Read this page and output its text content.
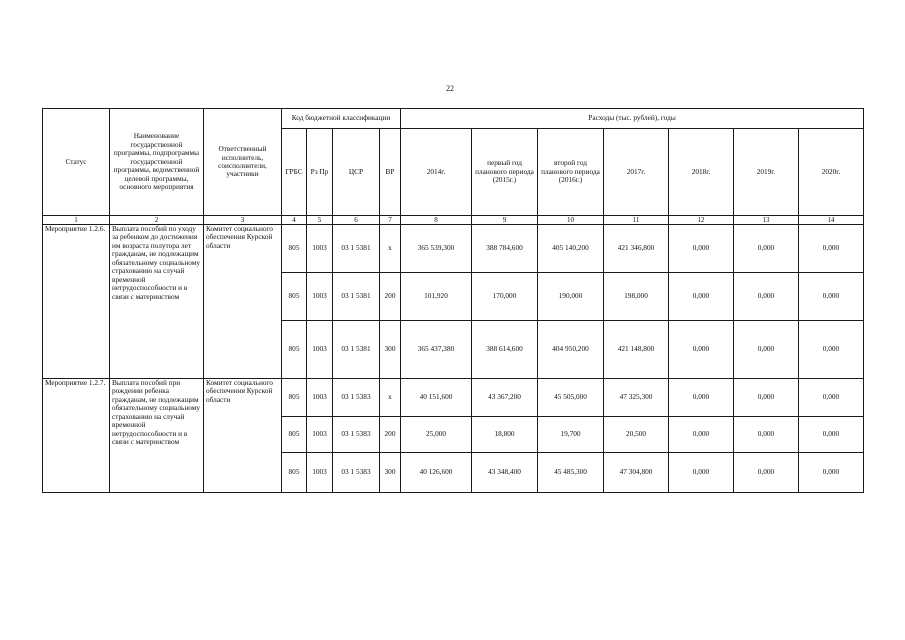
22
Статус	Наименование государственной программы, подпрограммы государственной программы, ведомственной целевой программы, основного мероприятия	Ответственный исполнитель, соисполнители, участники	Код бюджетной классификации				Расходы (тыс. рублей), годы						
			ГРБС	Рз Пр	ЦСР	ВР	2014г.	первый год планового периода (2015г.)	второй год планового периода (2016г.)	2017г.	2018г.	2019г.	2020г.
1	2	3	4	5	6	7	8	9	10	11	12	13	14
Мероприятие 1.2.6.	Выплата пособий по уходу за ребенком до достижения им возраста полутора лет гражданам, не подлежащим обязательному социальному страхованию на случай временной нетрудоспособности и в связи с материнством	Комитет социального обеспечения Курской области	805	1003	03 1 5381	х	365 539,300	388 784,600	405 140,200	421 346,800	0,000	0,000	0,000
			805	1003	03 1 5381	200	101,920	170,000	190,000	198,000	0,000	0,000	0,000
			805	1003	03 1 5381	300	365 437,380	388 614,600	404 950,200	421 148,800	0,000	0,000	0,000
Мероприятие 1.2.7.	Выплата пособий при рождении ребенка гражданам, не подлежащим обязательному социальному страхованию на случай временной нетрудоспособности и в связи с материнством	Комитет социального обеспечения Курской области	805	1003	03 1 5383	х	40 151,600	43 367,200	45 505,000	47 325,300	0,000	0,000	0,000
			805	1003	03 1 5383	200	25,000	18,800	19,700	20,500	0,000	0,000	0,000
			805	1003	03 1 5383	300	40 126,600	43 348,400	45 485,300	47 304,800	0,000	0,000	0,000
